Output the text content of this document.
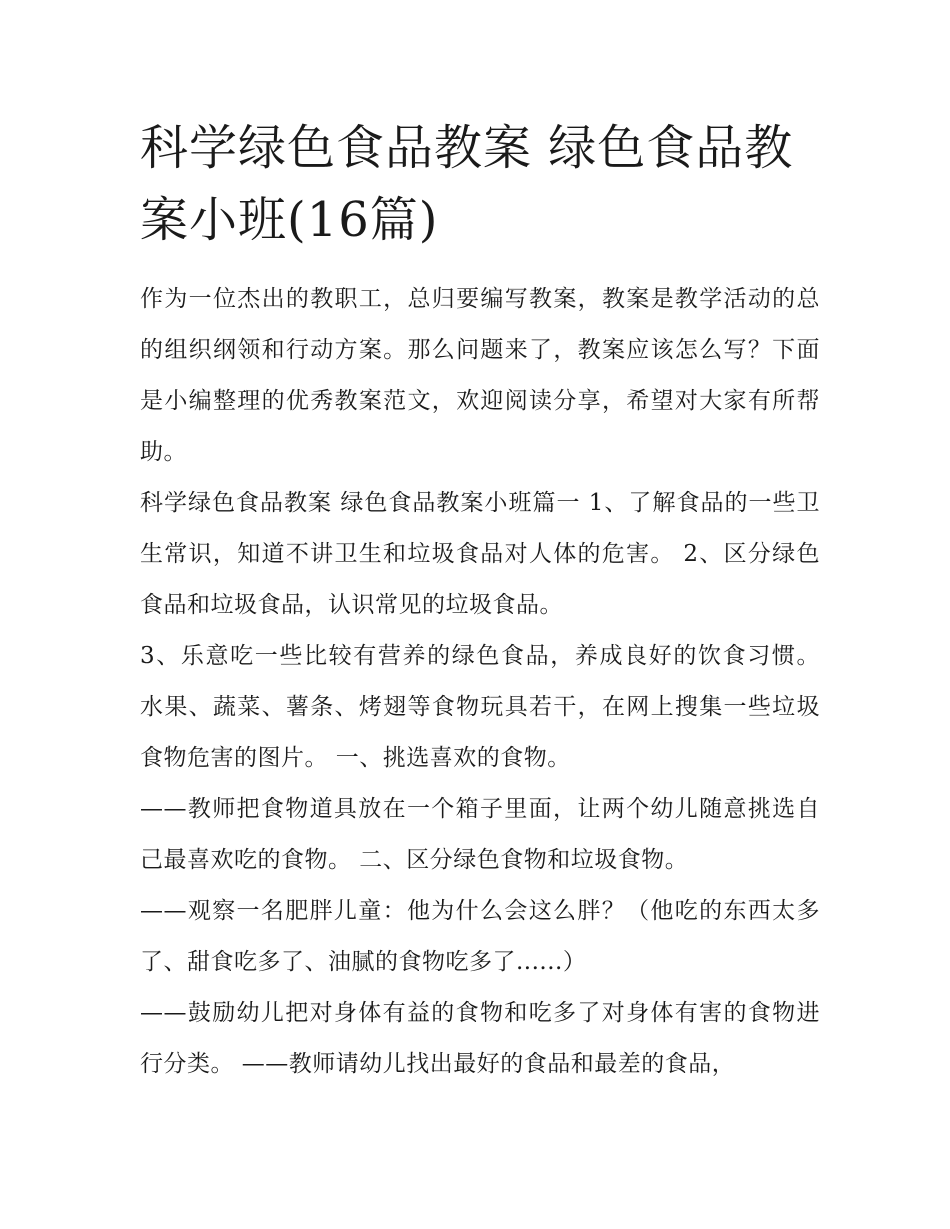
科学绿色食品教案 绿色食品教案小班(16篇)

作为一位杰出的教职工，总归要编写教案，教案是教学活动的总的组织纲领和行动方案。那么问题来了，教案应该怎么写？下面是小编整理的优秀教案范文，欢迎阅读分享，希望对大家有所帮助。

科学绿色食品教案 绿色食品教案小班篇一 1、了解食品的一些卫生常识，知道不讲卫生和垃圾食品对人体的危害。 2、区分绿色食品和垃圾食品，认识常见的垃圾食品。

3、乐意吃一些比较有营养的绿色食品，养成良好的饮食习惯。 水果、蔬菜、薯条、烤翅等食物玩具若干，在网上搜集一些垃圾食物危害的图片。 一、挑选喜欢的食物。

——教师把食物道具放在一个箱子里面，让两个幼儿随意挑选自己最喜欢吃的食物。 二、区分绿色食物和垃圾食物。

——观察一名肥胖儿童：他为什么会这么胖？（他吃的东西太多了、甜食吃多了、油腻的食物吃多了......）

——鼓励幼儿把对身体有益的食物和吃多了对身体有害的食物进行分类。 ——教师请幼儿找出最好的食品和最差的食品，
